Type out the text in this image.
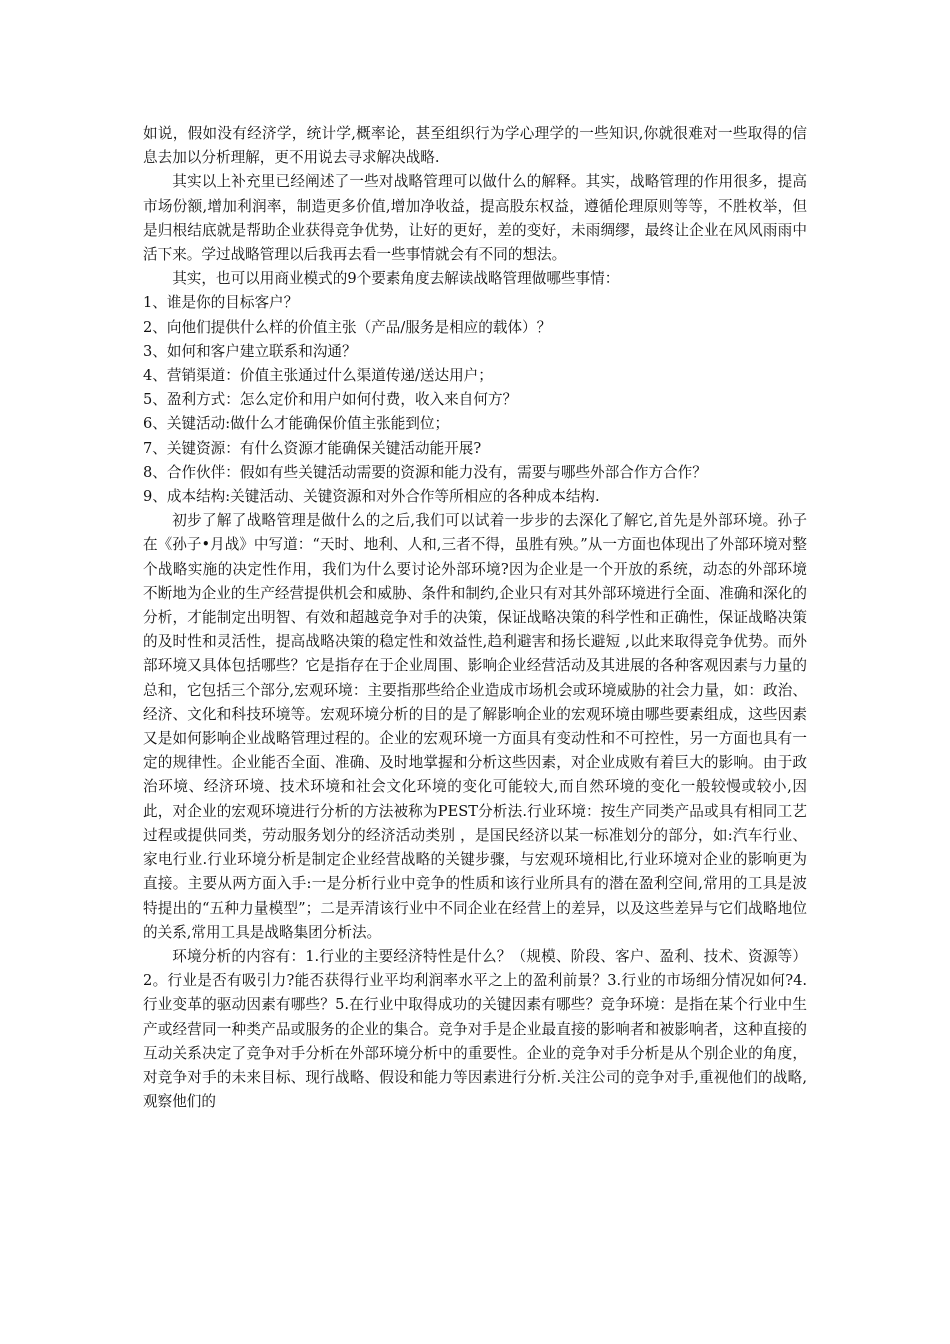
如说，假如没有经济学，统计学,概率论，甚至组织行为学心理学的一些知识,你就很难对一些取得的信息去加以分析理解，更不用说去寻求解决战略.

其实以上补充里已经阐述了一些对战略管理可以做什么的解释。其实，战略管理的作用很多，提高市场份额,增加利润率，制造更多价值,增加净收益，提高股东权益，遵循伦理原则等等，不胜枚举，但是归根结底就是帮助企业获得竞争优势，让好的更好，差的变好，未雨绸缪，最终让企业在风风雨雨中活下来。学过战略管理以后我再去看一些事情就会有不同的想法。

其实，也可以用商业模式的9个要素角度去解读战略管理做哪些事情：

1、谁是你的目标客户？

2、向他们提供什么样的价值主张（产品/服务是相应的载体）？

3、如何和客户建立联系和沟通？

4、营销渠道：价值主张通过什么渠道传递/送达用户；

5、盈利方式：怎么定价和用户如何付费，收入来自何方？

6、关键活动:做什么才能确保价值主张能到位；

7、关键资源：有什么资源才能确保关键活动能开展?

8、合作伙伴：假如有些关键活动需要的资源和能力没有，需要与哪些外部合作方合作？

9、成本结构:关键活动、关键资源和对外合作等所相应的各种成本结构.

初步了解了战略管理是做什么的之后,我们可以试着一步步的去深化了解它,首先是外部环境。孙子在《孙子•月战》中写道：“天时、地利、人和,三者不得，虽胜有殃。”从一方面也体现出了外部环境对整个战略实施的决定性作用，我们为什么要讨论外部环境?因为企业是一个开放的系统，动态的外部环境不断地为企业的生产经营提供机会和威胁、条件和制约,企业只有对其外部环境进行全面、准确和深化的分析，才能制定出明智、有效和超越竞争对手的决策，保证战略决策的科学性和正确性，保证战略决策的及时性和灵活性，提高战略决策的稳定性和效益性,趋利避害和扬长避短 ,以此来取得竞争优势。而外部环境又具体包括哪些？它是指存在于企业周围、影响企业经营活动及其进展的各种客观因素与力量的总和，它包括三个部分,宏观环境：主要指那些给企业造成市场机会或环境威胁的社会力量，如：政治、经济、文化和科技环境等。宏观环境分析的目的是了解影响企业的宏观环境由哪些要素组成，这些因素又是如何影响企业战略管理过程的。企业的宏观环境一方面具有变动性和不可控性，另一方面也具有一定的规律性。企业能否全面、准确、及时地掌握和分析这些因素，对企业成败有着巨大的影响。由于政治环境、经济环境、技术环境和社会文化环境的变化可能较大,而自然环境的变化一般较慢或较小,因此，对企业的宏观环境进行分析的方法被称为PEST分析法.行业环境：按生产同类产品或具有相同工艺过程或提供同类，劳动服务划分的经济活动类别 ，是国民经济以某一标准划分的部分，如:汽车行业、家电行业.行业环境分析是制定企业经营战略的关键步骤，与宏观环境相比,行业环境对企业的影响更为直接。主要从两方面入手:一是分析行业中竞争的性质和该行业所具有的潜在盈利空间,常用的工具是波特提出的“五种力量模型”；二是弄清该行业中不同企业在经营上的差异，以及这些差异与它们战略地位的关系,常用工具是战略集团分析法。

环境分析的内容有：1.行业的主要经济特性是什么？（规模、阶段、客户、盈利、技术、资源等）2。行业是否有吸引力?能否获得行业平均利润率水平之上的盈利前景？3.行业的市场细分情况如何?4.行业变革的驱动因素有哪些？5.在行业中取得成功的关键因素有哪些？竞争环境：是指在某个行业中生产或经营同一种类产品或服务的企业的集合。竞争对手是企业最直接的影响者和被影响者，这种直接的互动关系决定了竞争对手分析在外部环境分析中的重要性。企业的竞争对手分析是从个别企业的角度，对竞争对手的未来目标、现行战略、假设和能力等因素进行分析.关注公司的竞争对手,重视他们的战略,观察他们的
